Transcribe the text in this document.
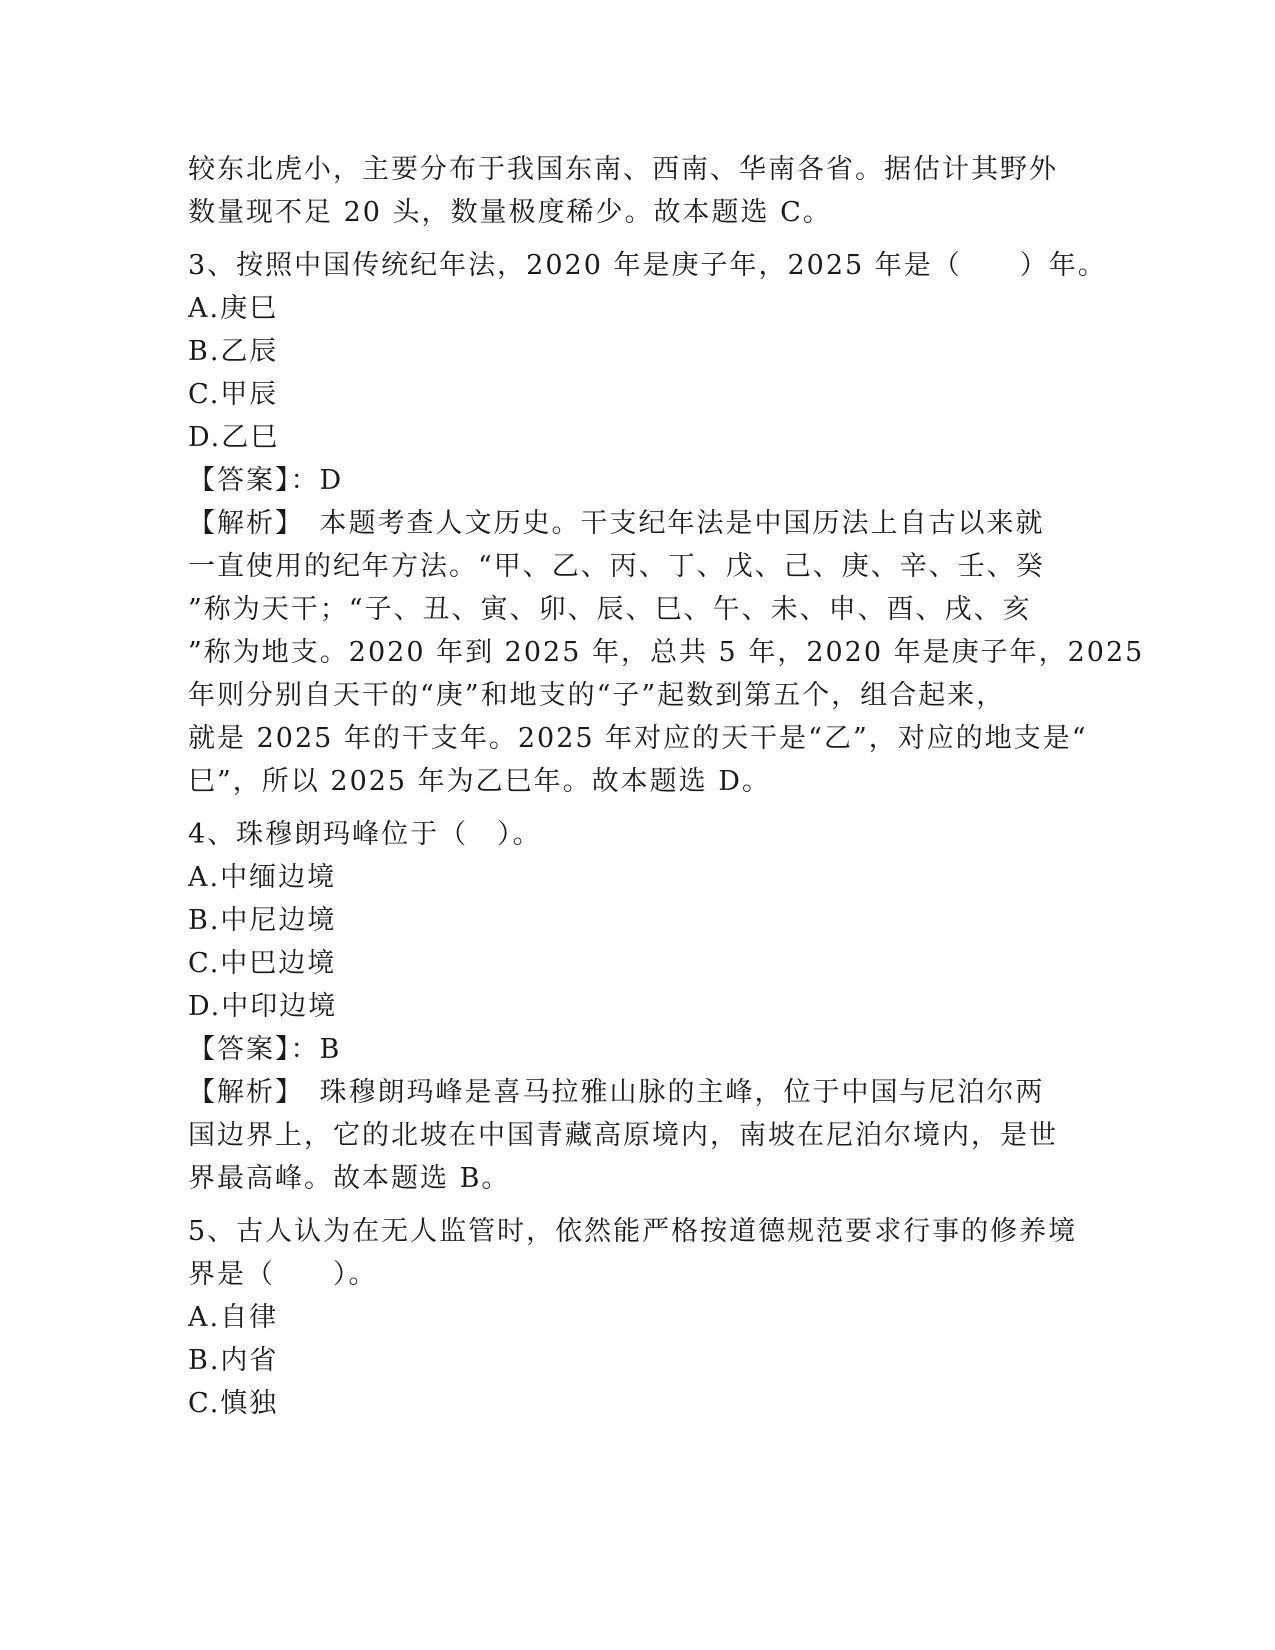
较东北虎小，主要分布于我国东南、西南、华南各省。据估计其野外
数量现不足 20 头，数量极度稀少。故本题选 C。
3、按照中国传统纪年法，2020 年是庚子年，2025 年是（　　）年。
A.庚巳
B.乙辰
C.甲辰
D.乙巳
【答案】：D
【解析】　本题考查人文历史。干支纪年法是中国历法上自古以来就
一直使用的纪年方法。“甲、乙、丙、丁、戊、己、庚、辛、壬、癸
”称为天干；“子、丑、寅、卯、辰、巳、午、未、申、酉、戌、亥
”称为地支。2020 年到 2025 年，总共 5 年，2020 年是庚子年，2025
年则分别自天干的“庚”和地支的“子”起数到第五个，组合起来，
就是 2025 年的干支年。2025 年对应的天干是“乙”，对应的地支是“
巳”，所以 2025 年为乙巳年。故本题选 D。
4、珠穆朗玛峰位于（　）。
A.中缅边境
B.中尼边境
C.中巴边境
D.中印边境
【答案】：B
【解析】　珠穆朗玛峰是喜马拉雅山脉的主峰，位于中国与尼泊尔两
国边界上，它的北坡在中国青藏高原境内，南坡在尼泊尔境内，是世
界最高峰。故本题选 B。
5、古人认为在无人监管时，依然能严格按道德规范要求行事的修养境
界是（　　）。
A.自律
B.内省
C.慎独
